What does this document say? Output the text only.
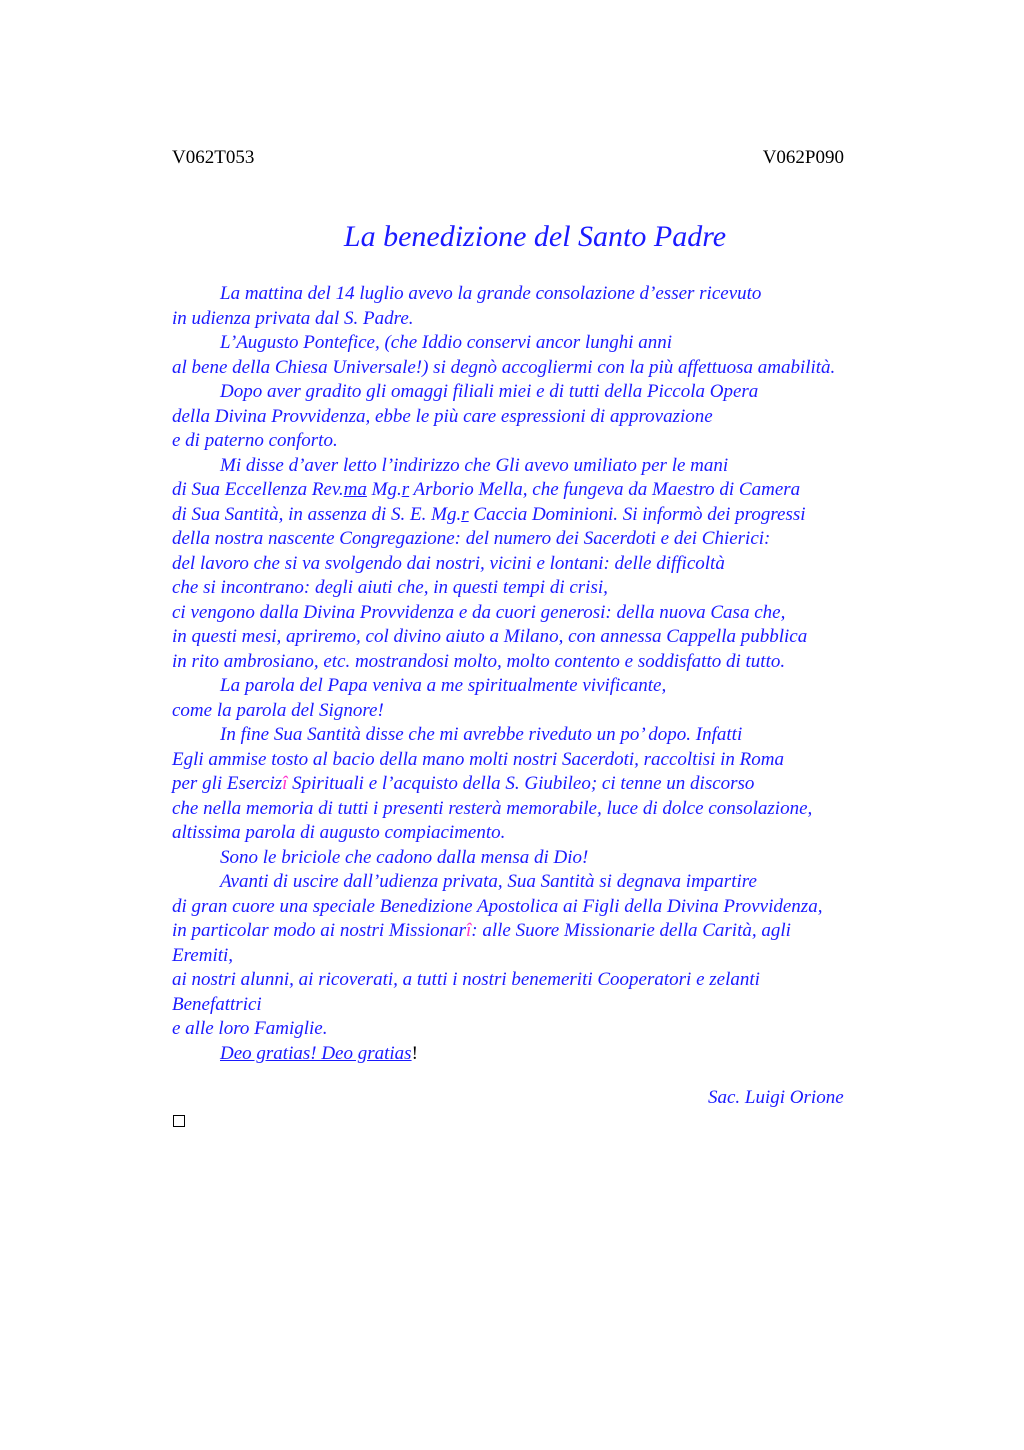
V062T053	V062P090
La benedizione del Santo Padre
La mattina del 14 luglio avevo la grande consolazione d’esser ricevuto
in udienza privata dal S. Padre.
L’Augusto Pontefice, (che Iddio conservi ancor lunghi anni
al bene della Chiesa Universale!) si degnò accogliermi con la più affettuosa amabilità.
Dopo aver gradito gli omaggi filiali miei e di tutti della Piccola Opera
della Divina Provvidenza, ebbe le più care espressioni di approvazione
e di paterno conforto.
Mi disse d’aver letto l’indirizzo che Gli avevo umiliato per le mani
di Sua Eccellenza Rev.ma Mg.r Arborio Mella, che fungeva da Maestro di Camera
di Sua Santità, in assenza di S. E. Mg.r Caccia Dominioni. Si informò dei progressi
della nostra nascente Congregazione: del numero dei Sacerdoti e dei Chierici:
del lavoro che si va svolgendo dai nostri, vicini e lontani: delle difficoltà
che si incontrano: degli aiuti che, in questi tempi di crisi,
ci vengono dalla Divina Provvidenza e da cuori generosi: della nuova Casa che,
in questi mesi, apriremo, col divino aiuto a Milano, con annessa Cappella pubblica
in rito ambrosiano, etc. mostrandosi molto, molto contento e soddisfatto di tutto.
La parola del Papa veniva a me spiritualmente vivificante,
come la parola del Signore!
In fine Sua Santità disse che mi avrebbe riveduto un po’ dopo. Infatti
Egli ammise tosto al bacio della mano molti nostri Sacerdoti, raccoltisi in Roma
per gli Esercizî Spirituali e l’acquisto della S. Giubileo; ci tenne un discorso
che nella memoria di tutti i presenti resterà memorabile, luce di dolce consolazione,
altissima parola di augusto compiacimento.
Sono le briciole che cadono dalla mensa di Dio!
Avanti di uscire dall’udienza privata, Sua Santità si degnava impartire
di gran cuore una speciale Benedizione Apostolica ai Figli della Divina Provvidenza,
in particolar modo ai nostri Missionarî: alle Suore Missionarie della Carità, agli
Eremiti,
ai nostri alunni, ai ricoverati, a tutti i nostri benemeriti Cooperatori e zelanti
Benefattrici
e alle loro Famiglie.
Deo gratias! Deo gratias!
Sac. Luigi Orione
